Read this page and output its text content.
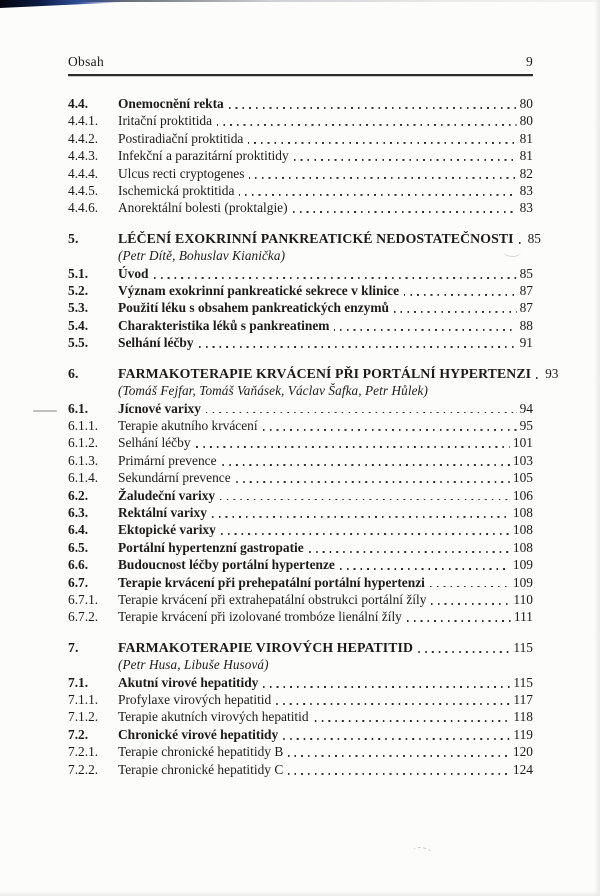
Obsah	9
4.4.	Onemocnění rekta	80
4.4.1.	Iritační proktitida	80
4.4.2.	Postiradiační proktitida	81
4.4.3.	Infekční a parazitární proktitidy	81
4.4.4.	Ulcus recti cryptogenes	82
4.4.5.	Ischemická proktitida	83
4.4.6.	Anorektální bolesti (proktalgie)	83
5.	LÉČENÍ EXOKRINNÍ PANKREATICKÉ NEDOSTATEČNOSTI 85
(Petr Dítě, Bohuslav Kianička)
5.1.	Úvod	85
5.2.	Význam exokrinní pankreatické sekrece v klinice	87
5.3.	Použití léku s obsahem pankreatických enzymů	87
5.4.	Charakteristika léků s pankreatinem	88
5.5.	Selhání léčby	91
6.	FARMAKOTERAPIE KRVÁCENÍ PŘI PORTÁLNÍ HYPERTENZI 93
(Tomáš Fejfar, Tomáš Vaňásek, Václav Šafka, Petr Hůlek)
6.1.	Jícnové varixy	94
6.1.1.	Terapie akutního krvácení	95
6.1.2.	Selhání léčby	101
6.1.3.	Primární prevence	103
6.1.4.	Sekundární prevence	105
6.2.	Žaludeční varixy	106
6.3.	Rektální varixy	108
6.4.	Ektopické varixy	108
6.5.	Portální hypertenzní gastropatie	108
6.6.	Budoucnost léčby portální hypertenze	109
6.7.	Terapie krvácení při prehepatální portální hypertenzi	109
6.7.1.	Terapie krvácení při extrahepatální obstrukci portální žíly	110
6.7.2.	Terapie krvácení při izolované trombóze lienální žíly	111
7.	FARMAKOTERAPIE VIROVÝCH HEPATITID	115
(Petr Husa, Libuše Husová)
7.1.	Akutní virové hepatitidy	115
7.1.1.	Profylaxe virových hepatitid	117
7.1.2.	Terapie akutních virových hepatitid	118
7.2.	Chronické virové hepatitidy	119
7.2.1.	Terapie chronické hepatitidy B	120
7.2.2.	Terapie chronické hepatitidy C	124
